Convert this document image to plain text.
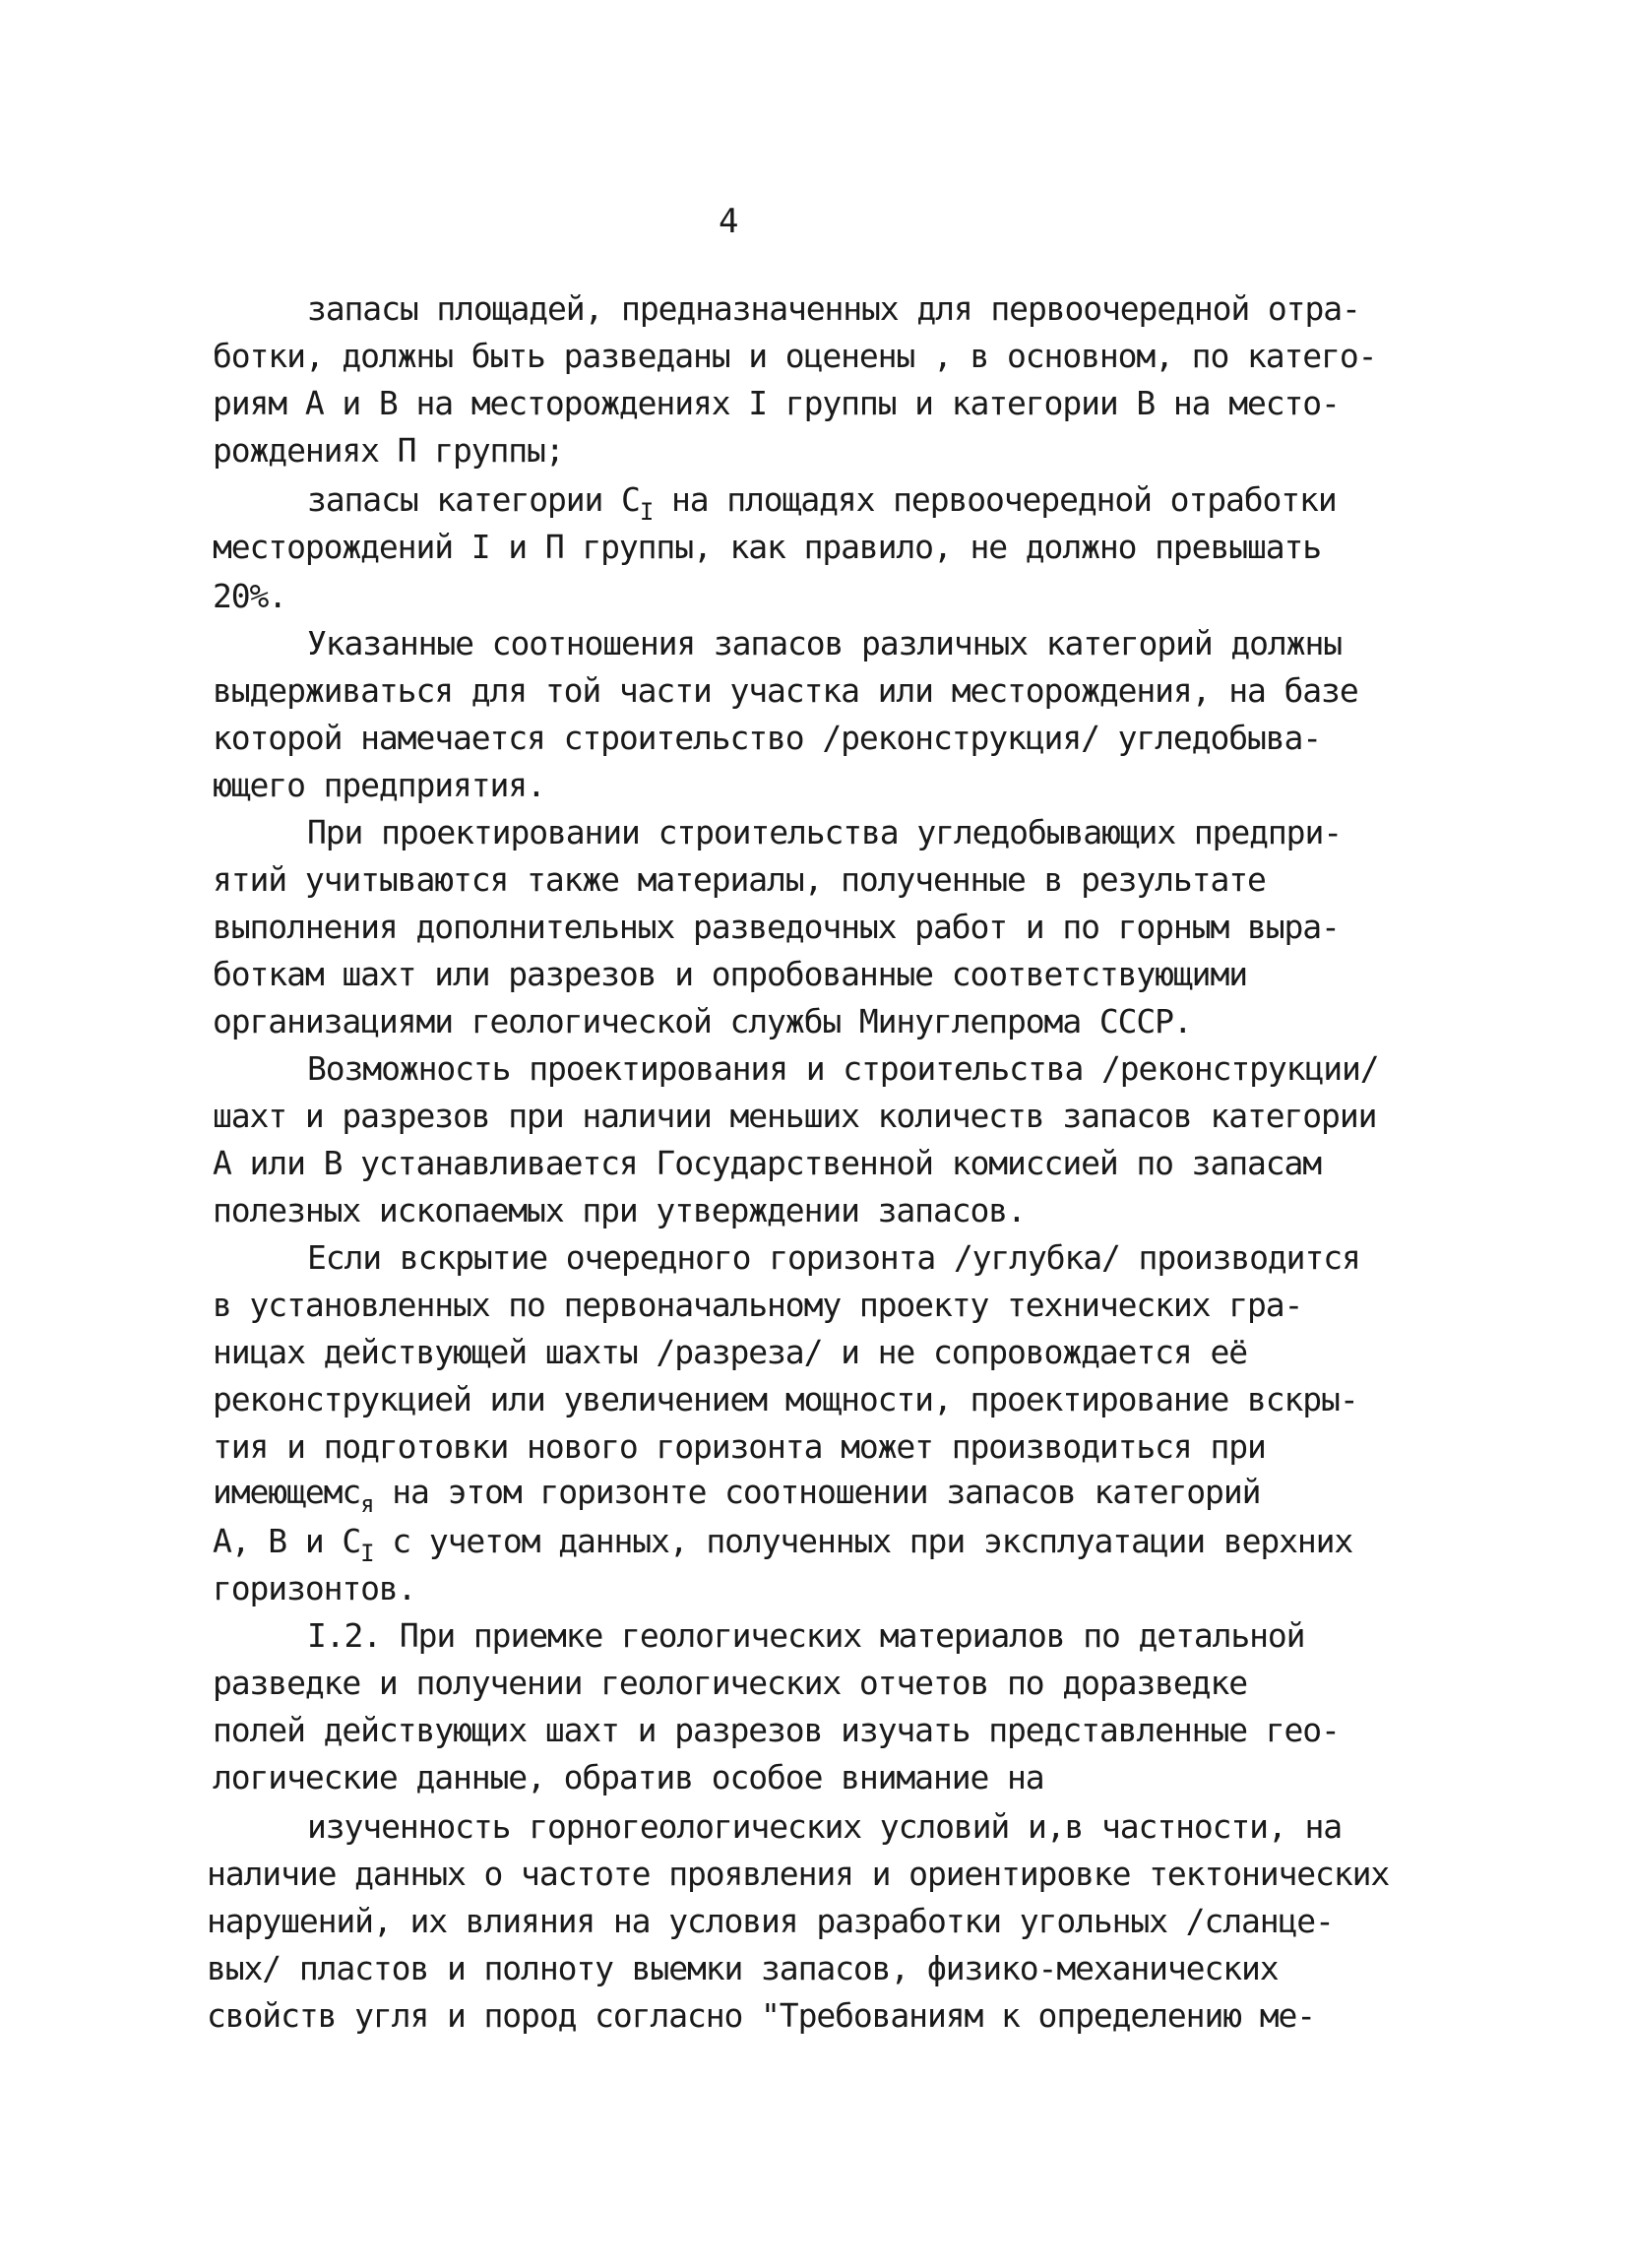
4
запасы площадей, предназначенных для первоочередной отра-
ботки, должны быть разведаны и оценены , в основном, по катего-
риям А и В на месторождениях I группы и категории В на место-
рождениях П группы;
запасы категории $С_I$ на площадях первоочередной отработки
месторождений I и П группы, как правило, не должно превышать
20%.
Указанные соотношения запасов различных категорий должны
выдерживаться для той части участка или месторождения, на базе
которой намечается строительство /реконструкция/ угледобыва-
ющего предприятия.
При проектировании строительства угледобывающих предпри-
ятий учитываются также материалы, полученные в результате
выполнения дополнительных разведочных работ и по горным выра-
боткам шахт или разрезов и опробованные соответствующими
организациями геологической службы Минуглепрома СССР.
Возможность проектирования и строительства /реконструкции/
шахт и разрезов при наличии меньших количеств запасов категории
А или В устанавливается Государственной комиссией по запасам
полезных ископаемых при утверждении запасов.
Если вскрытие очередного горизонта /углубка/ производится
в установленных по первоначальному проекту технических гра-
ницах действующей шахты /разреза/ и не сопровождается её
реконструкцией или увеличением мощности, проектирование вскры-
тия и подготовки нового горизонта может производиться при
имеющемс$_я$ на этом горизонте соотношении запасов категорий
А, В и $С_I$ с учетом данных, полученных при эксплуатации верхних
горизонтов.
I.2. При приемке геологических материалов по детальной
разведке и получении геологических отчетов по доразведке
полей действующих шахт и разрезов изучать представленные гео-
логические данные, обратив особое внимание на
изученность горногеологических условий и,в частности, на
наличие данных о частоте проявления и ориентировке тектонических
нарушений, их влияния на условия разработки угольных /сланце-
вых/ пластов и полноту выемки запасов, физико-механических
свойств угля и пород согласно "Требованиям к определению ме-
